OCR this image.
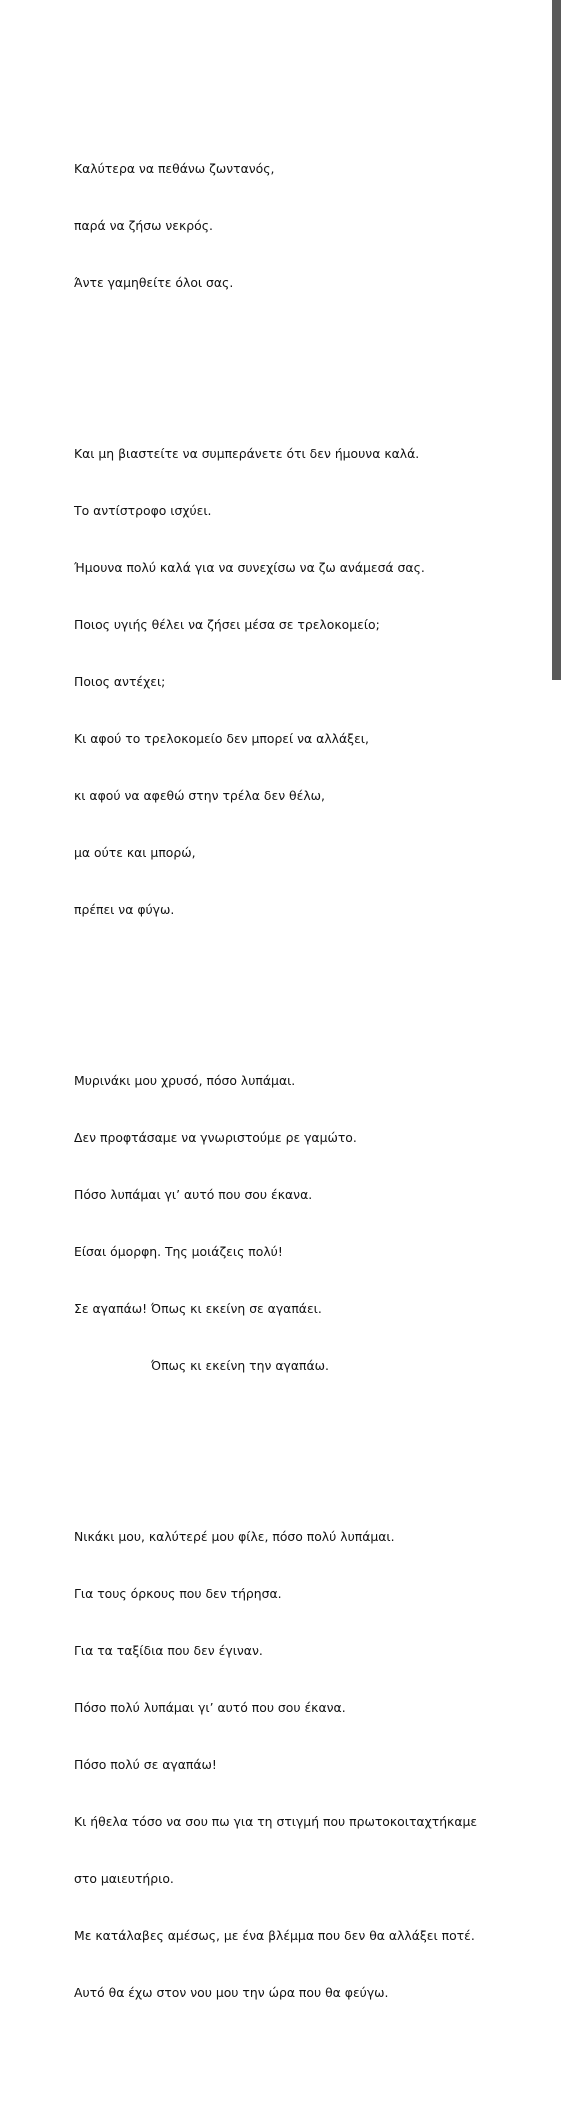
Καλύτερα να πεθάνω ζωντανός,

παρά να ζήσω νεκρός.

Άντε γαμηθείτε όλοι σας.

Και μη βιαστείτε να συμπεράνετε ότι δεν ήμουνα καλά.

Το αντίστροφο ισχύει.

Ήμουνα πολύ καλά για να συνεχίσω να ζω ανάμεσά σας.

Ποιος υγιής θέλει να ζήσει μέσα σε τρελοκομείο;

Ποιος αντέχει;

Κι αφού το τρελοκομείο δεν μπορεί να αλλάξει,

κι αφού να αφεθώ στην τρέλα δεν θέλω,

μα ούτε και μπορώ,

πρέπει να φύγω.

Μυρινάκι μου χρυσό, πόσο λυπάμαι.

Δεν προφτάσαμε να γνωριστούμε ρε γαμώτο.

Πόσο λυπάμαι γι’ αυτό που σου έκανα.

Είσαι όμορφη. Της μοιάζεις πολύ!

Σε αγαπάω! Όπως κι εκείνη σε αγαπάει.

Όπως κι εκείνη την αγαπάω.

Νικάκι μου, καλύτερέ μου φίλε, πόσο πολύ λυπάμαι.

Για τους όρκους που δεν τήρησα.

Για τα ταξίδια που δεν έγιναν.

Πόσο πολύ λυπάμαι γι’ αυτό που σου έκανα.

Πόσο πολύ σε αγαπάω!

Κι ήθελα τόσο να σου πω για τη στιγμή που πρωτοκοιταχτήκαμε

στο μαιευτήριο.

Με κατάλαβες αμέσως, με ένα βλέμμα που δεν θα αλλάξει ποτέ.

Αυτό θα έχω στον νου μου την ώρα που θα φεύγω.
